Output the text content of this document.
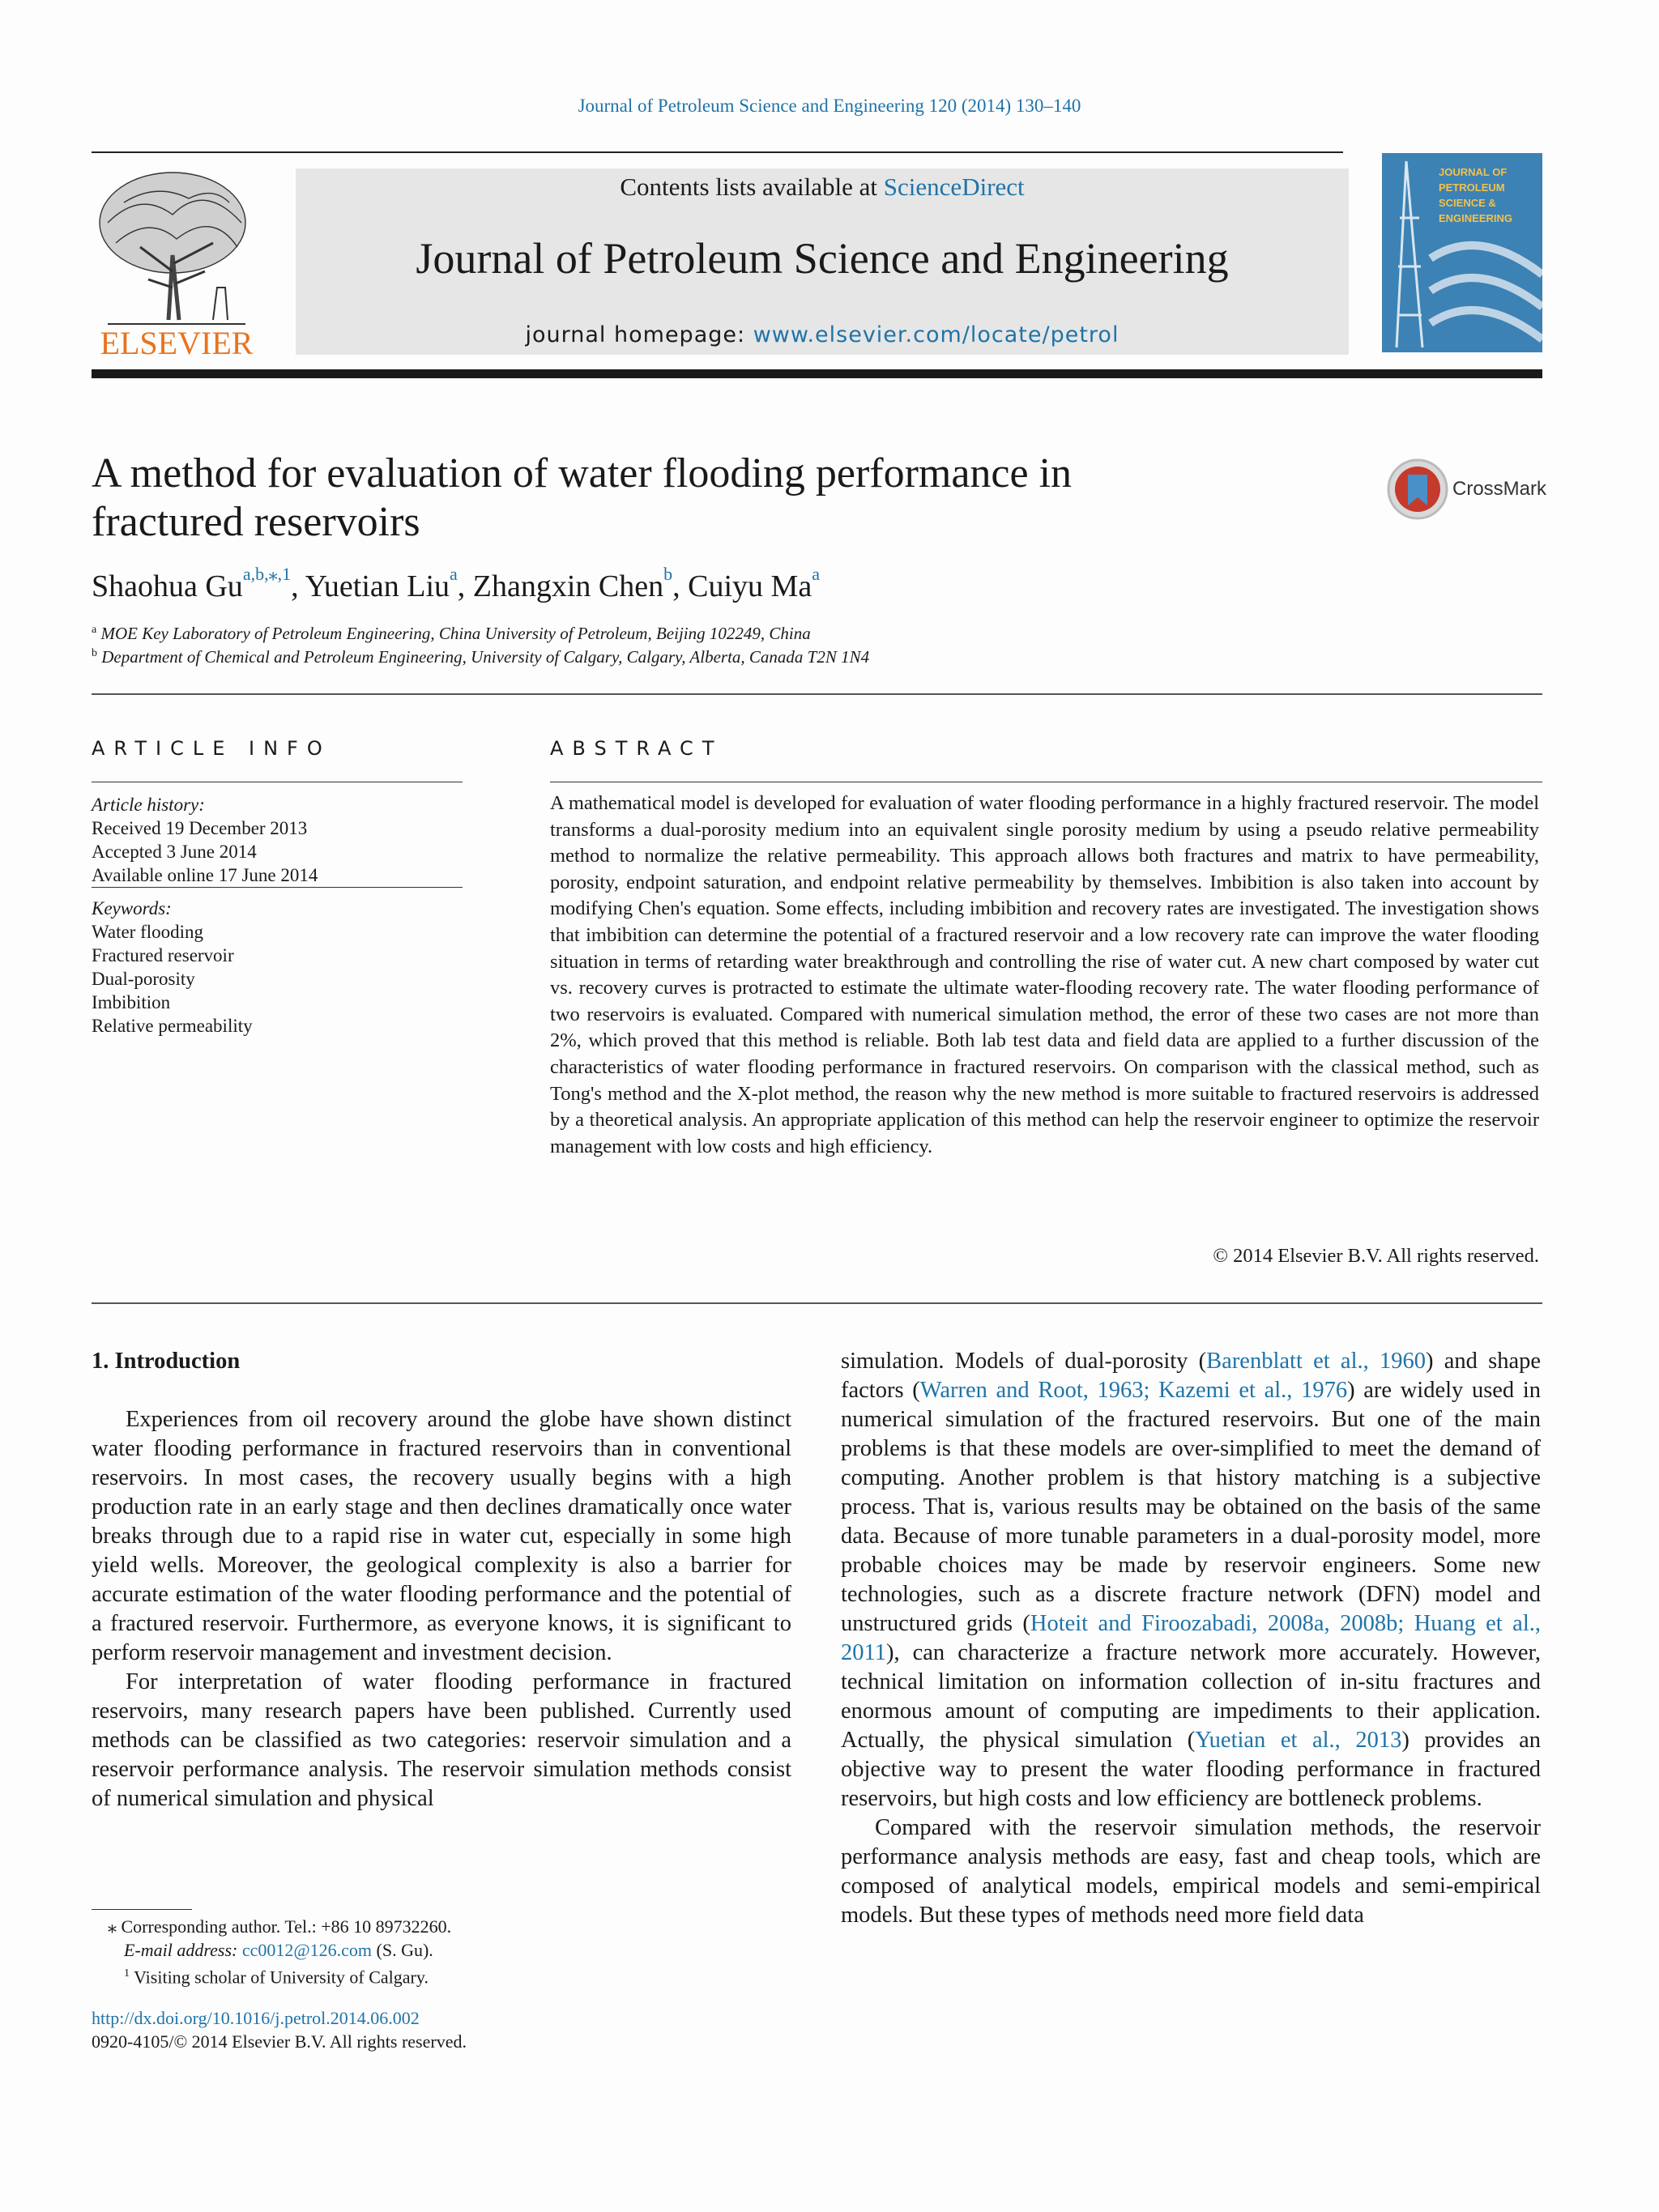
Journal of Petroleum Science and Engineering 120 (2014) 130–140
ELSEVIER
Contents lists available at ScienceDirect
Journal of Petroleum Science and Engineering
journal homepage: www.elsevier.com/locate/petrol
JOURNAL OF PETROLEUM SCIENCE & ENGINEERING
A method for evaluation of water flooding performance in
fractured reservoirs
CrossMark
Shaohua $Gu^{a,b,⁎,1}$, Yuetian Liu$^a$, Zhangxin Chen$^b$, Cuiyu Ma$^a$
$^a$ MOE Key Laboratory of Petroleum Engineering, China University of Petroleum, Beijing 102249, China
$^b$ Department of Chemical and Petroleum Engineering, University of Calgary, Calgary, Alberta, Canada T2N 1N4
ARTICLE INFO
Article history:
Received 19 December 2013
Accepted 3 June 2014
Available online 17 June 2014
Keywords:
Water flooding
Fractured reservoir
Dual-porosity
Imbibition
Relative permeability
ABSTRACT
A mathematical model is developed for evaluation of water flooding performance in a highly fractured reservoir. The model transforms a dual-porosity medium into an equivalent single porosity medium by using a pseudo relative permeability method to normalize the relative permeability. This approach allows both fractures and matrix to have permeability, porosity, endpoint saturation, and endpoint relative permeability by themselves. Imbibition is also taken into account by modifying Chen's equation. Some effects, including imbibition and recovery rates are investigated. The investigation shows that imbibition can determine the potential of a fractured reservoir and a low recovery rate can improve the water flooding situation in terms of retarding water breakthrough and controlling the rise of water cut. A new chart composed by water cut vs. recovery curves is protracted to estimate the ultimate water-flooding recovery rate. The water flooding performance of two reservoirs is evaluated. Compared with numerical simulation method, the error of these two cases are not more than 2%, which proved that this method is reliable. Both lab test data and field data are applied to a further discussion of the characteristics of water flooding performance in fractured reservoirs. On comparison with the classical method, such as Tong's method and the X-plot method, the reason why the new method is more suitable to fractured reservoirs is addressed by a theoretical analysis. An appropriate application of this method can help the reservoir engineer to optimize the reservoir management with low costs and high efficiency.
© 2014 Elsevier B.V. All rights reserved.
1. Introduction

Experiences from oil recovery around the globe have shown distinct water flooding performance in fractured reservoirs than in conventional reservoirs. In most cases, the recovery usually begins with a high production rate in an early stage and then declines dramatically once water breaks through due to a rapid rise in water cut, especially in some high yield wells. Moreover, the geological complexity is also a barrier for accurate estimation of the water flooding performance and the potential of a fractured reservoir. Furthermore, as everyone knows, it is significant to perform reservoir management and investment decision.

For interpretation of water flooding performance in fractured reservoirs, many research papers have been published. Currently used methods can be classified as two categories: reservoir simulation and a reservoir performance analysis. The reservoir simulation methods consist of numerical simulation and physical

simulation. Models of dual-porosity (Barenblatt et al., 1960) and shape factors (Warren and Root, 1963; Kazemi et al., 1976) are widely used in numerical simulation of the fractured reservoirs. But one of the main problems is that these models are over-simplified to meet the demand of computing. Another problem is that history matching is a subjective process. That is, various results may be obtained on the basis of the same data. Because of more tunable parameters in a dual-porosity model, more probable choices may be made by reservoir engineers. Some new technologies, such as a discrete fracture network (DFN) model and unstructured grids (Hoteit and Firoozabadi, 2008a, 2008b; Huang et al., 2011), can characterize a fracture network more accurately. However, technical limitation on information collection of in-situ fractures and enormous amount of computing are impediments to their application. Actually, the physical simulation (Yuetian et al., 2013) provides an objective way to present the water flooding performance in fractured reservoirs, but high costs and low efficiency are bottleneck problems.

Compared with the reservoir simulation methods, the reservoir performance analysis methods are easy, fast and cheap tools, which are composed of analytical models, empirical models and semi-empirical models. But these types of methods need more field data

⁎ Corresponding author. Tel.: +86 10 89732260.
E-mail address: cc0012@126.com (S. Gu).
$^1$ Visiting scholar of University of Calgary.
http://dx.doi.org/10.1016/j.petrol.2014.06.002
0920-4105/© 2014 Elsevier B.V. All rights reserved.
